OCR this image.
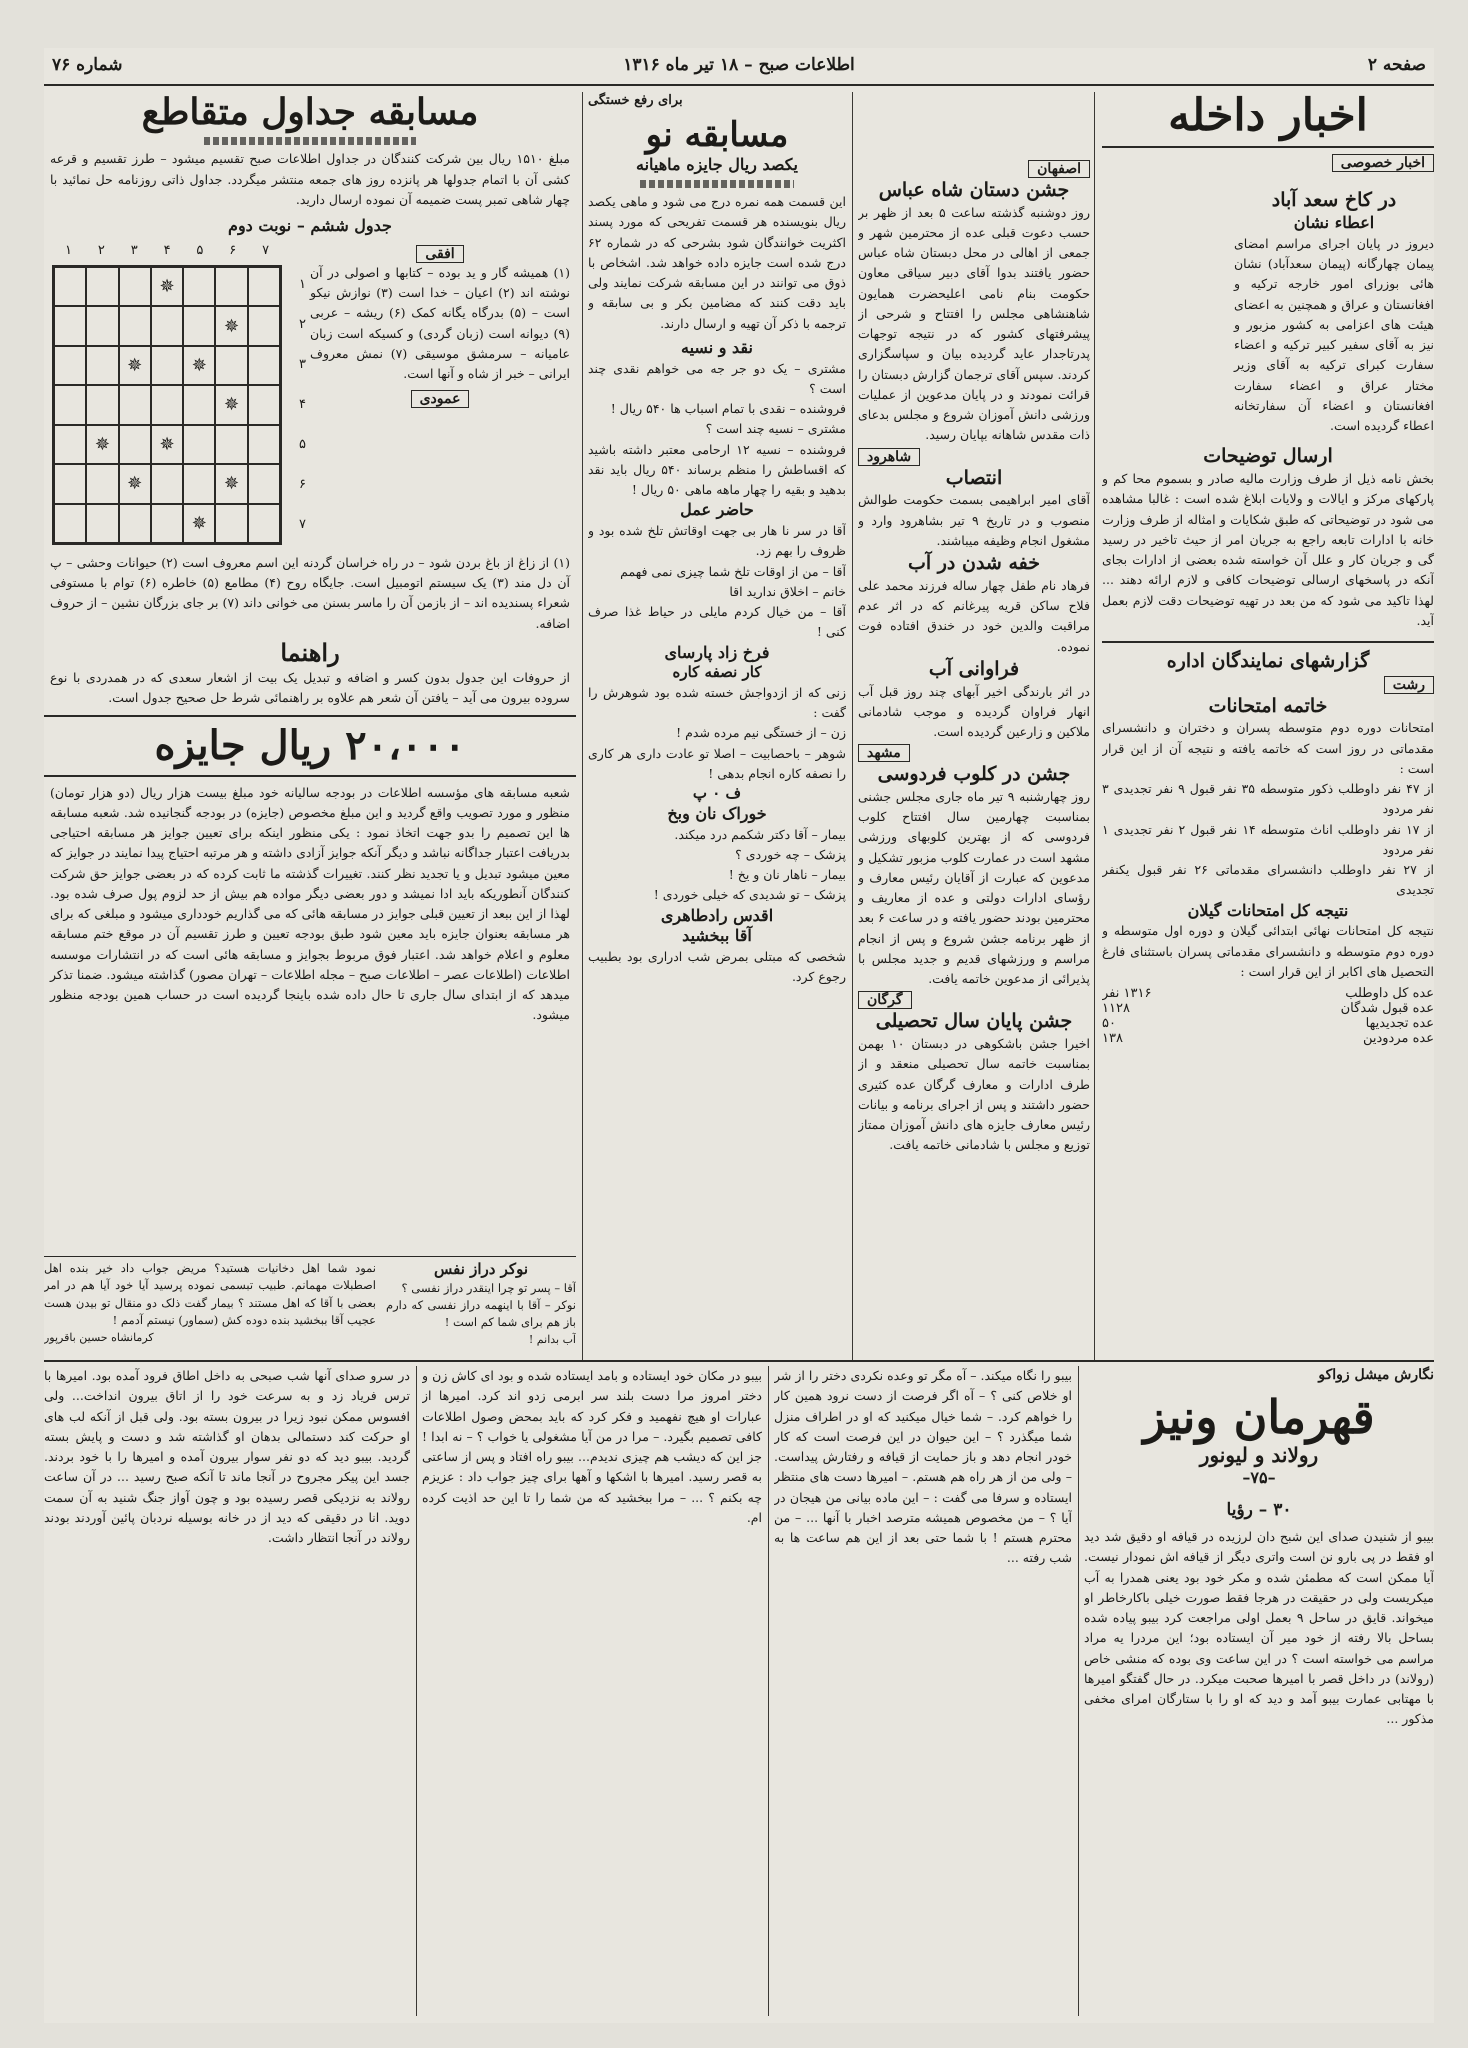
صفحه ۲
اطلاعات صبح – ۱۸ تیر ماه ۱۳۱۶
شماره ۷۶
اخبار داخله
اخبار خصوصی
در کاخ سعد آباد
اعطاء نشان
دیروز در پایان اجرای مراسم امضای پیمان چهارگانه (پیمان سعدآباد) نشان هائی بوزرای امور خارجه ترکیه و افغانستان و عراق و همچنین به اعضای هیئت های اعزامی به کشور مزبور و نیز به آقای سفیر کبیر ترکیه و اعضاء سفارت کبرای ترکیه به آقای وزیر مختار عراق و اعضاء سفارت افغانستان و اعضاء آن سفارتخانه اعطاء گردیده است.
ارسال توضیحات
بخش نامه ذیل از طرف وزارت مالیه صادر و بسموم محا کم و پارکهای مرکز و ایالات و ولایات ابلاغ شده است : غالبا مشاهده می شود در توضیحاتی که طبق شکایات و امثاله از طرف وزارت خانه با ادارات تابعه راجع به جریان امر از حیث تاخیر در رسید گی و جریان کار و علل آن خواسته شده بعضی از ادارات بجای آنکه در پاسخهای ارسالی توضیحات کافی و لازم ارائه دهند ... لهذا تاکید می شود که من بعد در تهیه توضیحات دقت لازم بعمل آید.
گزارشهای نمایندگان اداره
رشت
خاتمه امتحانات
امتحانات دوره دوم متوسطه پسران و دختران و دانشسرای مقدماتی در روز است که خاتمه یافته و نتیجه آن از این قرار است :
از ۴۷ نفر داوطلب ذکور متوسطه ۳۵ نفر قبول ۹ نفر تجدیدی ۳ نفر مردود
از ۱۷ نفر داوطلب اناث متوسطه ۱۴ نفر قبول ۲ نفر تجدیدی ۱ نفر مردود
از ۲۷ نفر داوطلب دانشسرای مقدماتی ۲۶ نفر قبول یکنفر تجدیدی
نتیجه کل امتحانات گیلان
نتیجه کل امتحانات نهائی ابتدائی گیلان و دوره اول متوسطه و دوره دوم متوسطه و دانشسرای مقدماتی پسران باستثنای فارغ التحصیل های اکابر از این قرار است :
عده کل داوطلب
۱۳۱۶ نفر
عده قبول شدگان
۱۱۲۸
عده تجدیدیها
۵۰
عده مردودین
۱۳۸
اصفهان
جشن دستان شاه عباس
روز دوشنبه گذشته ساعت ۵ بعد از ظهر بر حسب دعوت قبلی عده از محترمین شهر و جمعی از اهالی در محل دبستان شاه عباس حضور یافتند بدوا آقای دبیر سیاقی معاون حکومت بنام نامی اعلیحضرت همایون شاهنشاهی مجلس را افتتاح و شرحی از پیشرفتهای کشور که در نتیجه توجهات پدرتاجدار عاید گردیده بیان و سپاسگزاری کردند. سپس آقای ترجمان گزارش دبستان را قرائت نمودند و در پایان مدعوین از عملیات ورزشی دانش آموزان شروع و مجلس بدعای ذات مقدس شاهانه بپایان رسید.
شاهرود
انتصاب
آقای امیر ابراهیمی بسمت حکومت طوالش منصوب و در تاریخ ۹ تیر بشاهرود وارد و مشغول انجام وظیفه میباشند.
خفه شدن در آب
فرهاد نام طفل چهار ساله فرزند محمد علی فلاح ساکن قریه پیرغانم که در اثر عدم مراقبت والدین خود در خندق افتاده فوت نموده.
فراوانی آب
در اثر بارندگی اخیر آبهای چند روز قبل آب انهار فراوان گردیده و موجب شادمانی ملاکین و زارعین گردیده است.
مشهد
جشن در کلوب فردوسی
روز چهارشنبه ۹ تیر ماه جاری مجلس جشنی بمناسبت چهارمین سال افتتاح کلوب فردوسی که از بهترین کلوبهای ورزشی مشهد است در عمارت کلوب مزبور تشکیل و مدعوین که عبارت از آقایان رئیس معارف و رؤسای ادارات دولتی و عده از معاریف و محترمین بودند حضور یافته و در ساعت ۶ بعد از ظهر برنامه جشن شروع و پس از انجام مراسم و ورزشهای قدیم و جدید مجلس با پذیرائی از مدعوین خاتمه یافت.
گرگان
جشن پایان سال تحصیلی
اخیرا جشن باشکوهی در دبستان ۱۰ بهمن بمناسبت خاتمه سال تحصیلی منعقد و از طرف ادارات و معارف گرگان عده کثیری حضور داشتند و پس از اجرای برنامه و بیانات رئیس معارف جایزه های دانش آموزان ممتاز توزیع و مجلس با شادمانی خاتمه یافت.
برای رفع خستگی
مسابقه نو
یکصد ریال جایزه ماهیانه
این قسمت همه نمره درج می شود و ماهی یکصد ریال بنویسنده هر قسمت تفریحی که مورد پسند اکثریت خوانندگان شود بشرحی که در شماره ۶۲ درج شده است جایزه داده خواهد شد. اشخاص با ذوق می توانند در این مسابقه شرکت نمایند ولی باید دقت کنند که مضامین بکر و بی سابقه و ترجمه با ذکر آن تهیه و ارسال دارند.
نقد و نسیه
مشتری – یک دو جر جه می خواهم نقدی چند است ؟
فروشنده – نقدی با تمام اسباب ها ۵۴۰ ریال !
مشتری – نسیه چند است ؟
فروشنده – نسیه ۱۲ ارحامی معتبر داشته باشید که اقساطش را منظم برساند ۵۴۰ ریال باید نقد بدهید و بقیه را چهار ماهه ماهی ۵۰ ریال !
حاضر عمل
آقا در سر نا هار بی جهت اوقاتش تلخ شده بود و ظروف را بهم زد.
آقا – من از اوقات تلخ شما چیزی نمی فهمم
خانم – اخلاق ندارید اقا
آقا – من خیال کردم مایلی در حیاط غذا صرف کنی !
فرخ زاد پارسای
کار نصفه کاره
زنی که از ازدواجش خسته شده بود شوهرش را گفت :
زن – از خستگی نیم مرده شدم !
شوهر – باحصابیت – اصلا تو عادت داری هر کاری را نصفه کاره انجام بدهی !
ف ۰ پ
خوراک نان وبخ
بیمار – آقا دکتر شکمم درد میکند.
پزشک – چه خوردی ؟
بیمار – ناهار نان و یخ !
پزشک – تو شدیدی که خیلی خوردی !
اقدس رادطاهری
آقا ببخشید
شخصی که مبتلی بمرض شب ادراری بود بطبیب رجوع کرد.
مسابقه جداول متقاطع
مبلغ ۱۵۱۰ ریال بین شرکت کنندگان در جداول اطلاعات صبح تقسیم میشود – طرز تقسیم و قرعه کشی آن با اتمام جدولها هر پانزده روز های جمعه منتشر میگردد. جداول ذاتی روزنامه حل نمائید با چهار شاهی تمبر پست ضمیمه آن نموده ارسال دارید.
جدول ششم – نوبت دوم
افقی
(۱) همیشه گار و ید بوده – کتابها و اصولی در آن نوشته اند (۲) اعیان – خدا است (۳) نوازش نیکو است – (۵) بدرگاه یگانه کمک (۶) ریشه – عربی (۹) دیوانه است (زبان گردی) و کسیکه است زبان عامیانه – سرمشق موسیقی (۷) نمش معروف ایرانی – خبر از شاه و آنها است.
عمودی
۱ ۲ ۳ ۴ ۵ ۶ ۷
✵
✵
✵
✵
✵
✵
✵
✵
✵
✵
۱
۲
۳
۴
۵
۶
۷
(۱) از زاغ از باغ بردن شود – در راه خراسان گردنه این اسم معروف است (۲) حیوانات وحشی – پ آن دل مند (۳) یک سیستم اتومبیل است. جایگاه روح (۴) مطامع (۵) خاطره (۶) توام با مستوفی شعراء پسندیده اند – از بازمن آن را ماسر بسنن می خوانی داند (۷) بر جای بزرگان نشین – از حروف اضافه.
راهنما
از حروفات این جدول بدون کسر و اضافه و تبدیل یک بیت از اشعار سعدی که در همدردی با نوع سروده بیرون می آید – یافتن آن شعر هم علاوه بر راهنمائی شرط حل صحیح جدول است.
۲۰،۰۰۰ ریال جایزه
شعبه مسابقه های مؤسسه اطلاعات در بودجه سالیانه خود مبلغ بیست هزار ریال (دو هزار تومان) منظور و مورد تصویب واقع گردید و این مبلغ مخصوص (جایزه) در بودجه گنجانیده شد. شعبه مسابقه ها این تصمیم را بدو جهت اتخاذ نمود : یکی منظور اینکه برای تعیین جوایز هر مسابقه احتیاجی بدریافت اعتبار جداگانه نباشد و دیگر آنکه جوایز آزادی داشته و هر مرتبه احتیاج پیدا نمایند در جوایز که معین میشود تبدیل و یا تجدید نظر کنند. تغییرات گذشته ما ثابت کرده که در بعضی جوایز حق شرکت کنندگان آنطوریکه باید ادا نمیشد و دور بعضی دیگر مواده هم بیش از حد لزوم پول صرف شده بود. لهذا از این ببعد از تعیین قبلی جوایز در مسابقه هائی که می گذاریم خودداری میشود و مبلغی که برای هر مسابقه بعنوان جایزه باید معین شود طبق بودجه تعیین و طرز تقسیم آن در موقع ختم مسابقه معلوم و اعلام خواهد شد. اعتبار فوق مربوط بجوایز و مسابقه هائی است که در انتشارات موسسه اطلاعات (اطلاعات عصر – اطلاعات صبح – مجله اطلاعات – تهران مصور) گذاشته میشود. ضمنا تذکر میدهد که از ابتدای سال جاری تا حال داده شده باینجا گردیده است در حساب همین بودجه منظور میشود.
نوکر دراز نفس
آقا – پسر تو چرا اینقدر دراز نفسی ؟
نوکر – آقا با اینهمه دراز نفسی که دارم باز هم برای شما کم است !
آب بدانم !
نمود شما اهل دخانیات هستید؟ مریض جواب داد خیر بنده اهل اصطبلات مهمانم. طبیب تبسمی نموده پرسید آیا خود آیا هم در امر بعضی با آقا که اهل مستند ؟ بیمار گفت ذلک دو منقال تو بیدن هست عجیب آقا ببخشید بنده دوده کش (سماور) نیستم آدمم !
کرمانشاه حسین باقرپور
نگارش میشل زواکو
قهرمان ونیز
رولاند و لیونور
–۷۵–
۳۰ – رؤیا
بیبو از شنیدن صدای این شبح دان لرزیده در قیافه او دقیق شد دید او فقط در پی بارو نن است واتری دیگر از قیافه اش نمودار نیست. آیا ممکن است که مطمئن شده و مکر خود بود یعنی همدرا به آب میکریست ولی در حقیقت در هرجا فقط صورت خیلی باکارخاطر او میخواند. قایق در ساحل ۹ بعمل اولی مراجعت کرد بیبو پیاده شده بساحل بالا رفته از خود میر آن ایستاده بود؛ این مردرا یه مراد مراسم می خواسته است ؟ در این ساعت وی بوده که منشی خاص (رولاند) در داخل قصر با امیرها صحبت میکرد. در حال گفتگو امیرها با مهتابی عمارت بیبو آمد و دید که او را با ستارگان امرای مخفی مذکور ...
بیبو را نگاه میکند. – آه مگر تو وعده نکردی دختر را از شر او خلاص کنی ؟ – آه اگر فرصت از دست نرود همین کار را خواهم کرد. – شما خیال میکنید که او در اطراف منزل شما میگذرد ؟ – این حیوان در این فرصت است که کار خودر انجام دهد و باز حمایت از قیافه و رفتارش پیداست. – ولی من از هر راه هم هستم. – امیرها دست های منتظر ایستاده و سرفا می گفت : – این ماده بیانی من هیجان در آیا ؟ – من مخصوص همیشه مترصد اخبار با آنها ... – من محترم هستم ! با شما حتی بعد از این هم ساعت ها به شب رفته ...
بیبو در مکان خود ایستاده و بامد ایستاده شده و بود ای کاش زن و دختر امروز مرا دست بلند سر ابرمی زدو اند کرد. امیرها از عبارات او هیچ نفهمید و فکر کرد که باید بمحض وصول اطلاعات کافی تصمیم بگیرد. – مرا در من آیا مشغولی یا خواب ؟ – نه ابدا ! جز این که دیشب هم چیزی ندیدم... بیبو راه افتاد و پس از ساعتی به قصر رسید. امیرها با اشکها و آهها برای چیز جواب داد : عزیزم چه بکنم ؟ ... – مرا ببخشید که من شما را تا این حد اذیت کرده ام.
در سرو صدای آنها شب صبحی به داخل اطاق فرود آمده بود. امیرها با ترس فریاد زد و به سرعت خود را از اتاق بیرون انداخت... ولی افسوس ممکن نبود زیرا در بیرون بسته بود. ولی قبل از آنکه لب های او حرکت کند دستمالی بدهان او گذاشته شد و دست و پایش بسته گردید. بیبو دید که دو نفر سوار بیرون آمده و امیرها را با خود بردند. جسد این پیکر مجروح در آنجا ماند تا آنکه صبح رسید ... در آن ساعت رولاند به نزدیکی قصر رسیده بود و چون آواز جنگ شنید به آن سمت دوید. انا در دقیقی که دید از در خانه بوسیله نردبان پائین آوردند بودند رولاند در آنجا انتظار داشت.
